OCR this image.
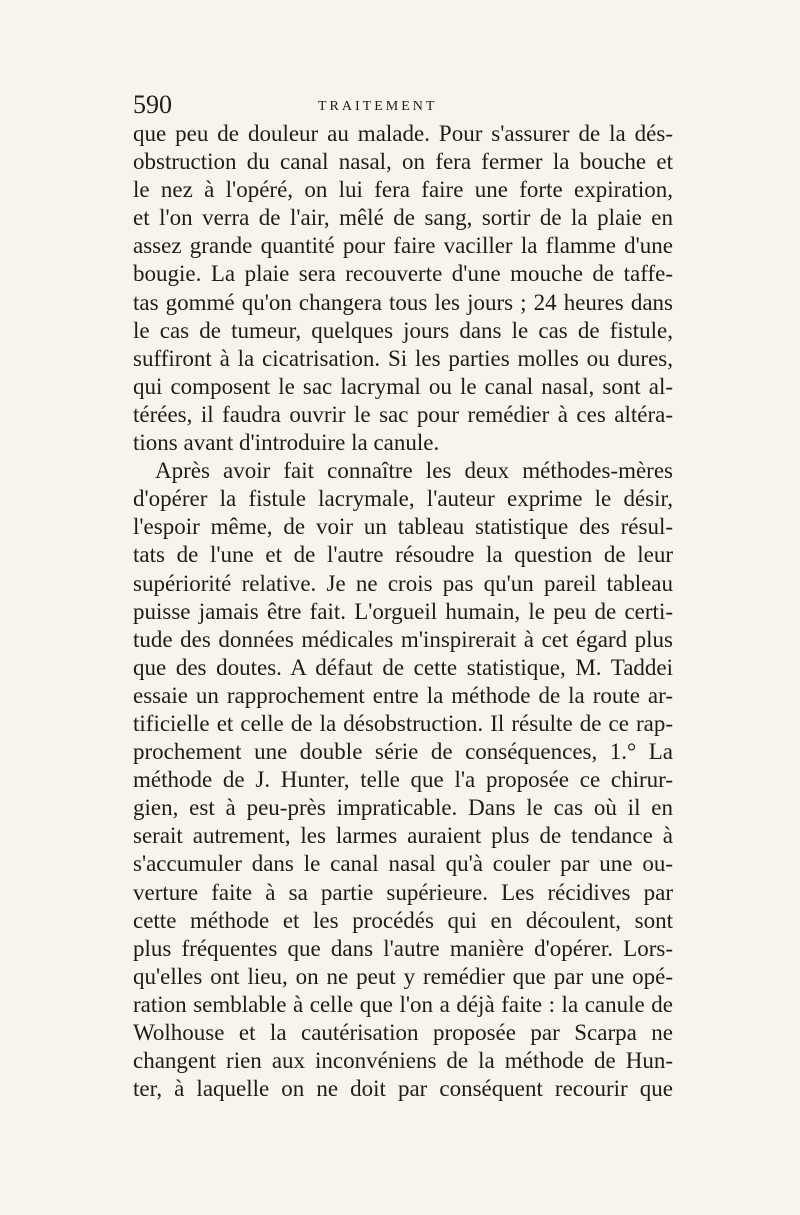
590	TRAITEMENT
que peu de douleur au malade. Pour s'assurer de la dés-
obstruction du canal nasal, on fera fermer la bouche et
le nez à l'opéré, on lui fera faire une forte expiration,
et l'on verra de l'air, mêlé de sang, sortir de la plaie en
assez grande quantité pour faire vaciller la flamme d'une
bougie. La plaie sera recouverte d'une mouche de taffe-
tas gommé qu'on changera tous les jours ; 24 heures dans
le cas de tumeur, quelques jours dans le cas de fistule,
suffiront à la cicatrisation. Si les parties molles ou dures,
qui composent le sac lacrymal ou le canal nasal, sont al-
térées, il faudra ouvrir le sac pour remédier à ces altéra-
tions avant d'introduire la canule.
Après avoir fait connaître les deux méthodes-mères
d'opérer la fistule lacrymale, l'auteur exprime le désir,
l'espoir même, de voir un tableau statistique des résul-
tats de l'une et de l'autre résoudre la question de leur
supériorité relative. Je ne crois pas qu'un pareil tableau
puisse jamais être fait. L'orgueil humain, le peu de certi-
tude des données médicales m'inspirerait à cet égard plus
que des doutes. A défaut de cette statistique, M. Taddei
essaie un rapprochement entre la méthode de la route ar-
tificielle et celle de la désobstruction. Il résulte de ce rap-
prochement une double série de conséquences, 1.° La
méthode de J. Hunter, telle que l'a proposée ce chirur-
gien, est à peu-près impraticable. Dans le cas où il en
serait autrement, les larmes auraient plus de tendance à
s'accumuler dans le canal nasal qu'à couler par une ou-
verture faite à sa partie supérieure. Les récidives par
cette méthode et les procédés qui en découlent, sont
plus fréquentes que dans l'autre manière d'opérer. Lors-
qu'elles ont lieu, on ne peut y remédier que par une opé-
ration semblable à celle que l'on a déjà faite : la canule de
Wolhouse et la cautérisation proposée par Scarpa ne
changent rien aux inconvéniens de la méthode de Hun-
ter, à laquelle on ne doit par conséquent recourir que
